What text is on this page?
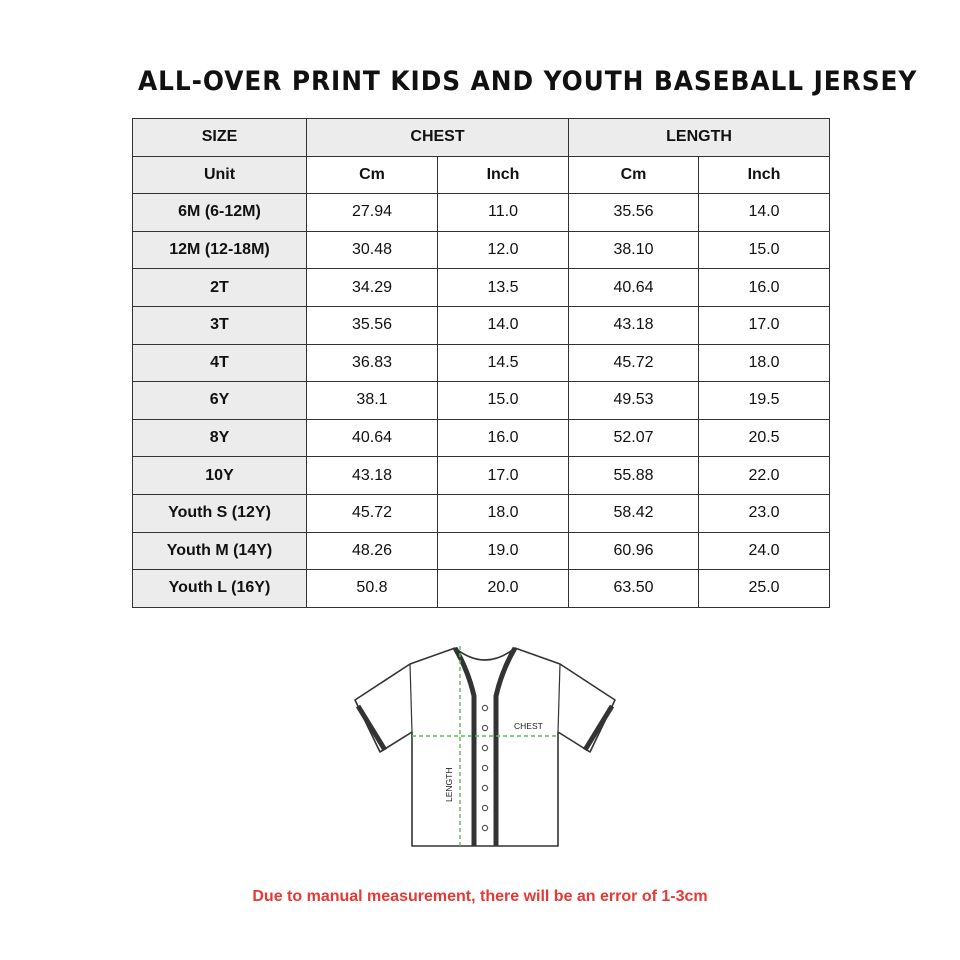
ALL-OVER PRINT KIDS AND YOUTH BASEBALL JERSEY
SIZE	CHEST		LENGTH	
Unit	Cm	Inch	Cm	Inch
6M (6-12M)	27.94	11.0	35.56	14.0
12M (12-18M)	30.48	12.0	38.10	15.0
2T	34.29	13.5	40.64	16.0
3T	35.56	14.0	43.18	17.0
4T	36.83	14.5	45.72	18.0
6Y	38.1	15.0	49.53	19.5
8Y	40.64	16.0	52.07	20.5
10Y	43.18	17.0	55.88	22.0
Youth S (12Y)	45.72	18.0	58.42	23.0
Youth M (14Y)	48.26	19.0	60.96	24.0
Youth L (16Y)	50.8	20.0	63.50	25.0
CHEST
LENGTH
Due to manual measurement, there will be an error of 1-3cm
